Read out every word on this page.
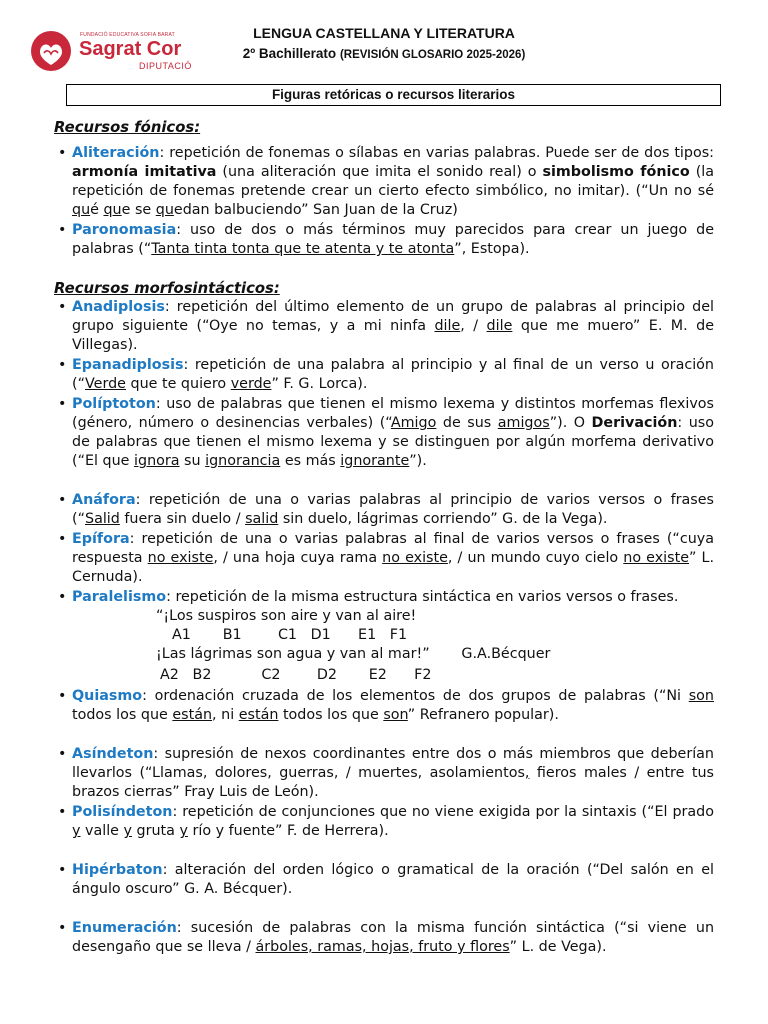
FUNDACIÓ EDUCATIVA SOFIA BARAT
Sagrat Cor
DIPUTACIÓ
LENGUA CASTELLANA Y LITERATURA
2º Bachillerato (REVISIÓN GLOSARIO 2025-2026)
Figuras retóricas o recursos literarios
Recursos fónicos:
• Aliteración: repetición de fonemas o sílabas en varias palabras. Puede ser de dos tipos: armonía imitativa (una aliteración que imita el sonido real) o simbolismo fónico (la repetición de fonemas pretende crear un cierto efecto simbólico, no imitar). (“Un no sé qué que se quedan balbuciendo” San Juan de la Cruz)
• Paronomasia: uso de dos o más términos muy parecidos para crear un juego de palabras (“Tanta tinta tonta que te atenta y te atonta”, Estopa).
Recursos morfosintácticos:
• Anadiplosis: repetición del último elemento de un grupo de palabras al principio del grupo siguiente (“Oye no temas, y a mi ninfa dile, / dile que me muero” E. M. de Villegas).
• Epanadiplosis: repetición de una palabra al principio y al final de un verso u oración (“Verde que te quiero verde” F. G. Lorca).
• Políptoton: uso de palabras que tienen el mismo lexema y distintos morfemas flexivos (género, número o desinencias verbales) (“Amigo de sus amigos”). O Derivación: uso de palabras que tienen el mismo lexema y se distinguen por algún morfema derivativo (“El que ignora su ignorancia es más ignorante”).
• Anáfora: repetición de una o varias palabras al principio de varios versos o frases (“Salid fuera sin duelo / salid sin duelo, lágrimas corriendo” G. de la Vega).
• Epífora: repetición de una o varias palabras al final de varios versos o frases (“cuya respuesta no existe, / una hoja cuya rama no existe, / un mundo cuyo cielo no existe” L. Cernuda).
• Paralelismo: repetición de la misma estructura sintáctica en varios versos o frases.
“¡Los suspiros son aire y van al aire!
A1       B1        C1   D1      E1   F1
¡Las lágrimas son agua y van al mar!”       G.A.Bécquer
A2   B2           C2        D2       E2      F2
• Quiasmo: ordenación cruzada de los elementos de dos grupos de palabras (“Ni son todos los que están, ni están todos los que son” Refranero popular).
• Asíndeton: supresión de nexos coordinantes entre dos o más miembros que deberían llevarlos (“Llamas, dolores, guerras, / muertes, asolamientos, fieros males / entre tus brazos cierras” Fray Luis de León).
• Polisíndeton: repetición de conjunciones que no viene exigida por la sintaxis (“El prado y valle y gruta y río y fuente” F. de Herrera).
• Hipérbaton: alteración del orden lógico o gramatical de la oración (“Del salón en el ángulo oscuro” G. A. Bécquer).
• Enumeración: sucesión de palabras con la misma función sintáctica (“si viene un desengaño que se lleva / árboles, ramas, hojas, fruto y flores” L. de Vega).
